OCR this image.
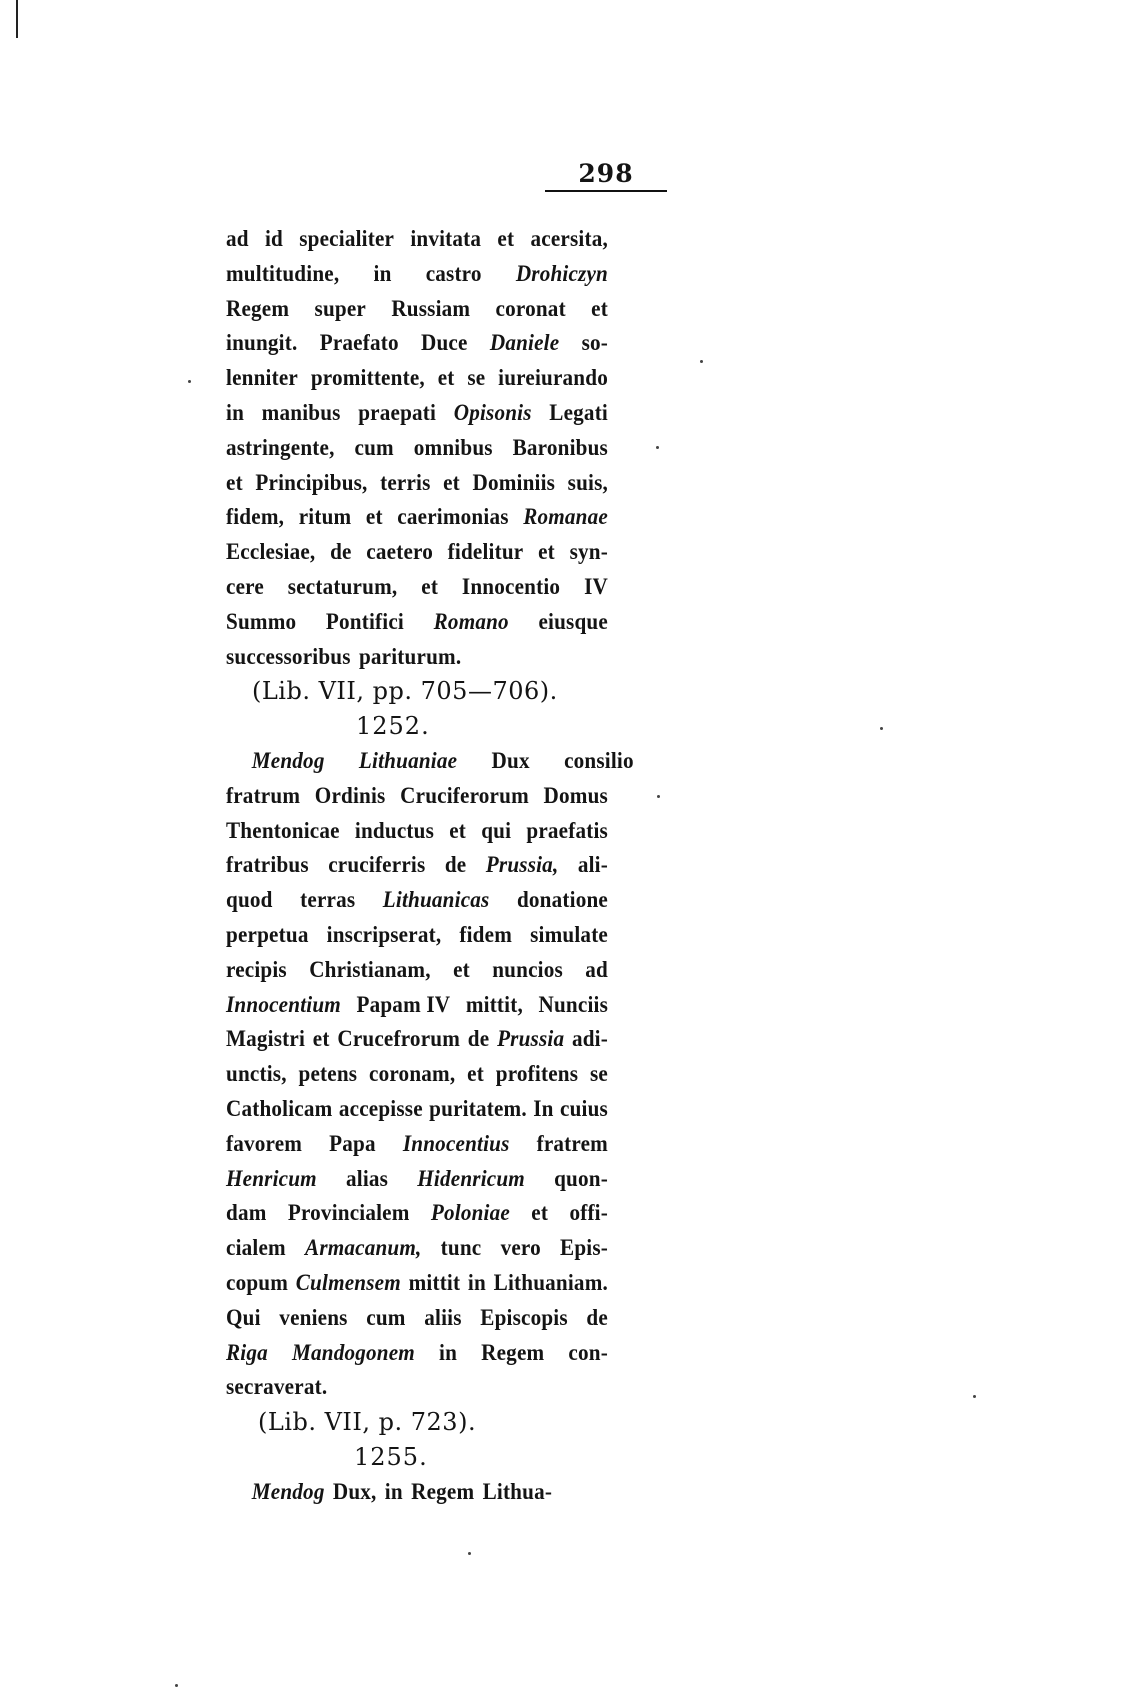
298
ad id specialiter invitata et acersita,
multitudine, in castro Drohiczyn
Regem super Russiam coronat et
inungit. Praefato Duce Daniele so-
lenniter promittente, et se iureiurando
in manibus praepati Opisonis Legati
astringente, cum omnibus Baronibus
et Principibus, terris et Dominiis suis,
fidem, ritum et caerimonias Romanae
Ecclesiae, de caetero fidelitur et syn-
cere sectaturum, et Innocentio IV
Summo Pontifici Romano eiusque
successoribus pariturum.
(Lib. VII, pp. 705—706).
1252.
Mendog Lithuaniae Dux consilio
fratrum Ordinis Cruciferorum Domus
Thentonicae inductus et qui praefatis
fratribus cruciferris de Prussia, ali-
quod terras Lithuanicas donatione
perpetua inscripserat, fidem simulate
recipis Christianam, et nuncios ad
Innocentium Papam IV mittit, Nunciis
Magistri et Crucefrorum de Prussia adi-
unctis, petens coronam, et profitens se
Catholicam accepisse puritatem. In cuius
favorem Papa Innocentius fratrem
Henricum alias Hidenricum quon-
dam Provincialem Poloniae et offi-
cialem Armacanum, tunc vero Epis-
copum Culmensem mittit in Lithuaniam.
Qui veniens cum aliis Episcopis de
Riga Mandogonem in Regem con-
secraverat.
(Lib. VII, p. 723).
1255.
Mendog Dux, in Regem Lithua-
